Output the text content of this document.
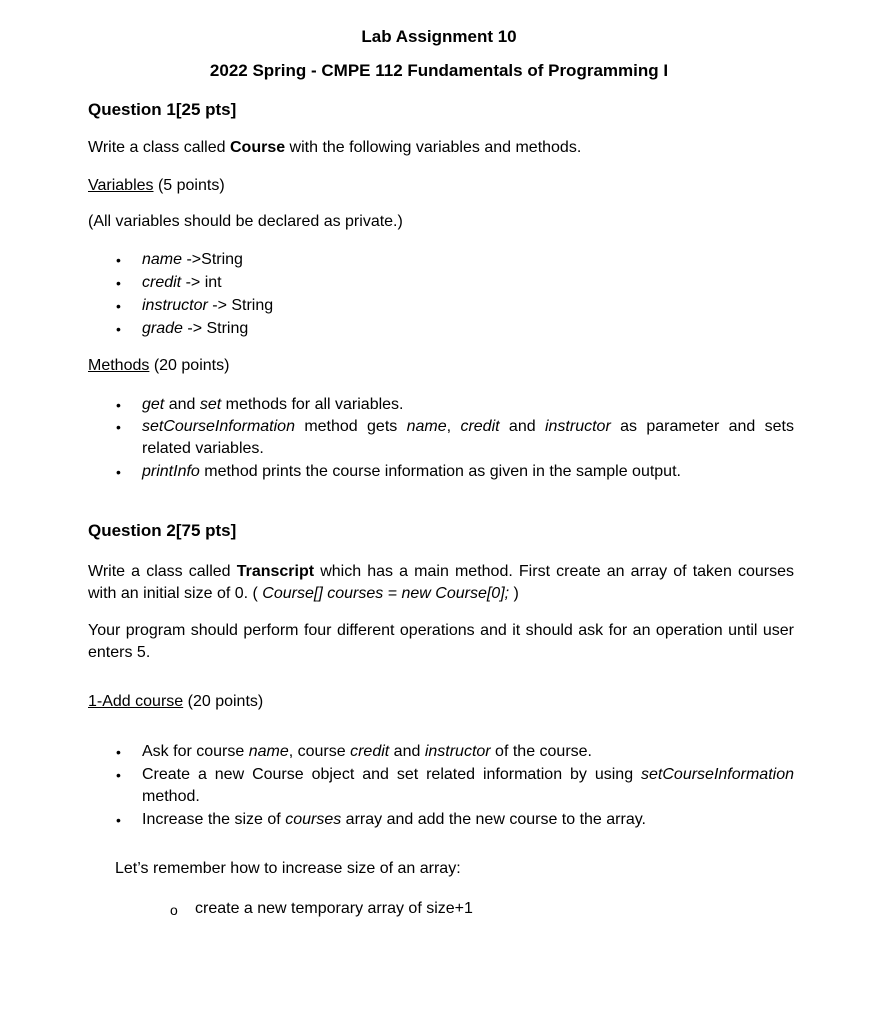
Lab Assignment 10
2022 Spring - CMPE 112 Fundamentals of Programming I
Question 1[25 pts]
Write a class called Course with the following variables and methods.
Variables (5 points)
(All variables should be declared as private.)
• name ->String
• credit -> int
• instructor -> String
• grade -> String
Methods (20 points)
• get and set methods for all variables.
• setCourseInformation method gets name, credit and instructor as parameter and sets related variables.
• printInfo method prints the course information as given in the sample output.
Question 2[75 pts]
Write a class called Transcript which has a main method. First create an array of taken courses with an initial size of 0. ( Course[] courses = new Course[0]; )
Your program should perform four different operations and it should ask for an operation until user enters 5.
1-Add course (20 points)
• Ask for course name, course credit and instructor of the course.
• Create a new Course object and set related information by using setCourseInformation method.
• Increase the size of courses array and add the new course to the array.
Let’s remember how to increase size of an array:
o create a new temporary array of size+1
